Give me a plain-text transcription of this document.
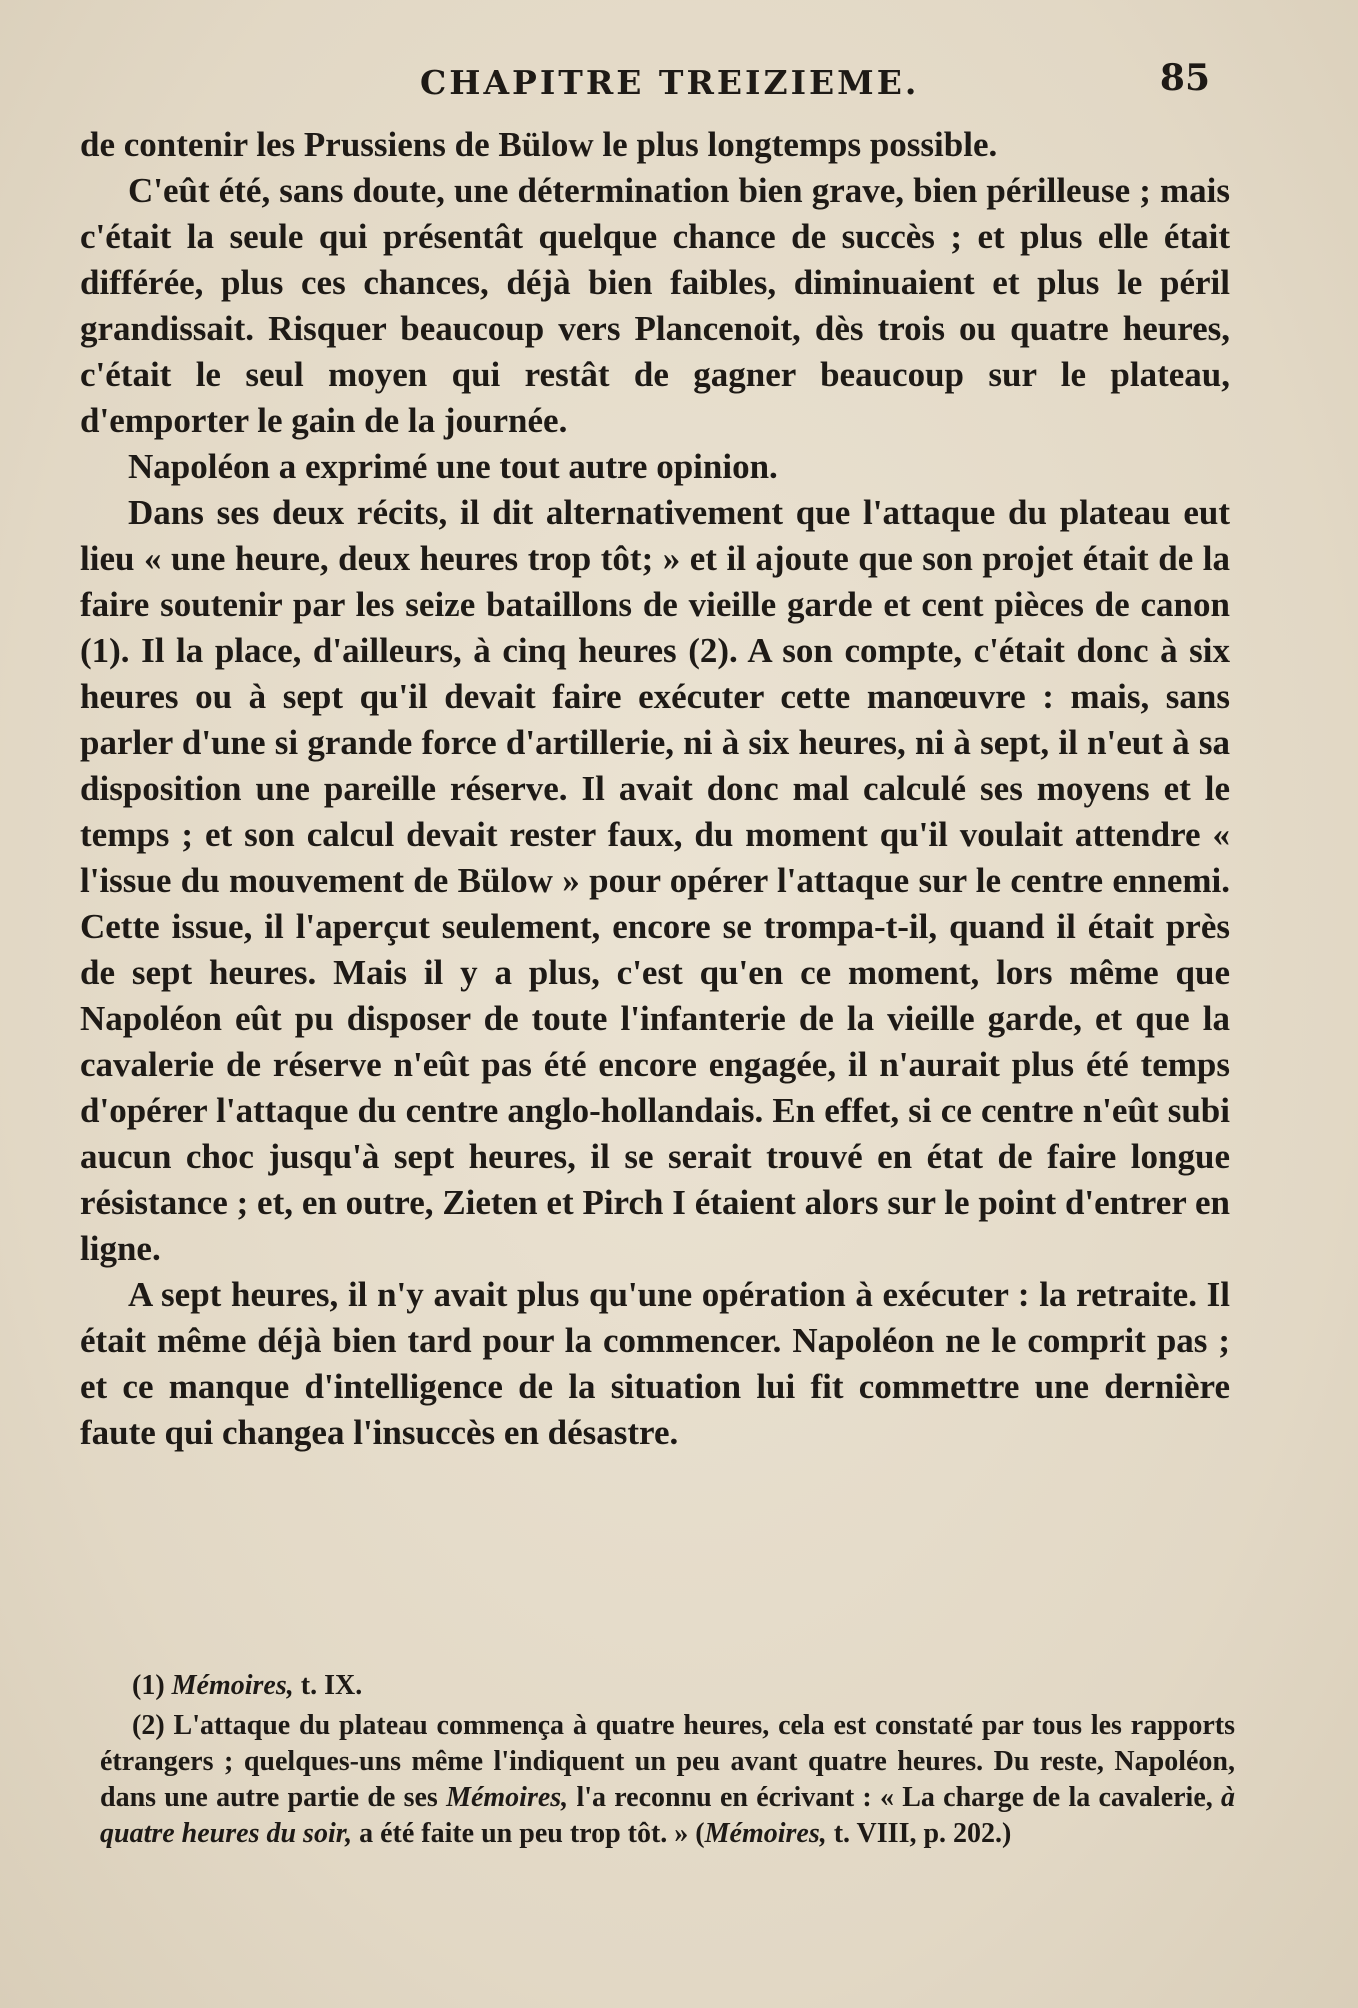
CHAPITRE TREIZIEME.	85

de contenir les Prussiens de Bülow le plus longtemps possible.

C'eût été, sans doute, une détermination bien grave, bien périlleuse ; mais c'était la seule qui présentât quelque chance de succès ; et plus elle était différée, plus ces chances, déjà bien faibles, diminuaient et plus le péril grandissait. Risquer beaucoup vers Plancenoit, dès trois ou quatre heures, c'était le seul moyen qui restât de gagner beaucoup sur le plateau, d'emporter le gain de la journée.

Napoléon a exprimé une tout autre opinion.

Dans ses deux récits, il dit alternativement que l'attaque du plateau eut lieu « une heure, deux heures trop tôt; » et il ajoute que son projet était de la faire soutenir par les seize bataillons de vieille garde et cent pièces de canon (1). Il la place, d'ailleurs, à cinq heures (2). A son compte, c'était donc à six heures ou à sept qu'il devait faire exécuter cette manœuvre : mais, sans parler d'une si grande force d'artillerie, ni à six heures, ni à sept, il n'eut à sa disposition une pareille réserve. Il avait donc mal calculé ses moyens et le temps ; et son calcul devait rester faux, du moment qu'il voulait attendre « l'issue du mouvement de Bülow » pour opérer l'attaque sur le centre ennemi. Cette issue, il l'aperçut seulement, encore se trompa-t-il, quand il était près de sept heures. Mais il y a plus, c'est qu'en ce moment, lors même que Napoléon eût pu disposer de toute l'infanterie de la vieille garde, et que la cavalerie de réserve n'eût pas été encore engagée, il n'aurait plus été temps d'opérer l'attaque du centre anglo-hollandais. En effet, si ce centre n'eût subi aucun choc jusqu'à sept heures, il se serait trouvé en état de faire longue résistance ; et, en outre, Zieten et Pirch I étaient alors sur le point d'entrer en ligne.

A sept heures, il n'y avait plus qu'une opération à exécuter : la retraite. Il était même déjà bien tard pour la commencer. Napoléon ne le comprit pas ; et ce manque d'intelligence de la situation lui fit commettre une dernière faute qui changea l'insuccès en désastre.

(1) Mémoires, t. IX.

(2) L'attaque du plateau commença à quatre heures, cela est constaté par tous les rapports étrangers ; quelques-uns même l'indiquent un peu avant quatre heures. Du reste, Napoléon, dans une autre partie de ses Mémoires, l'a reconnu en écrivant : « La charge de la cavalerie, à quatre heures du soir, a été faite un peu trop tôt. » (Mémoires, t. VIII, p. 202.)
